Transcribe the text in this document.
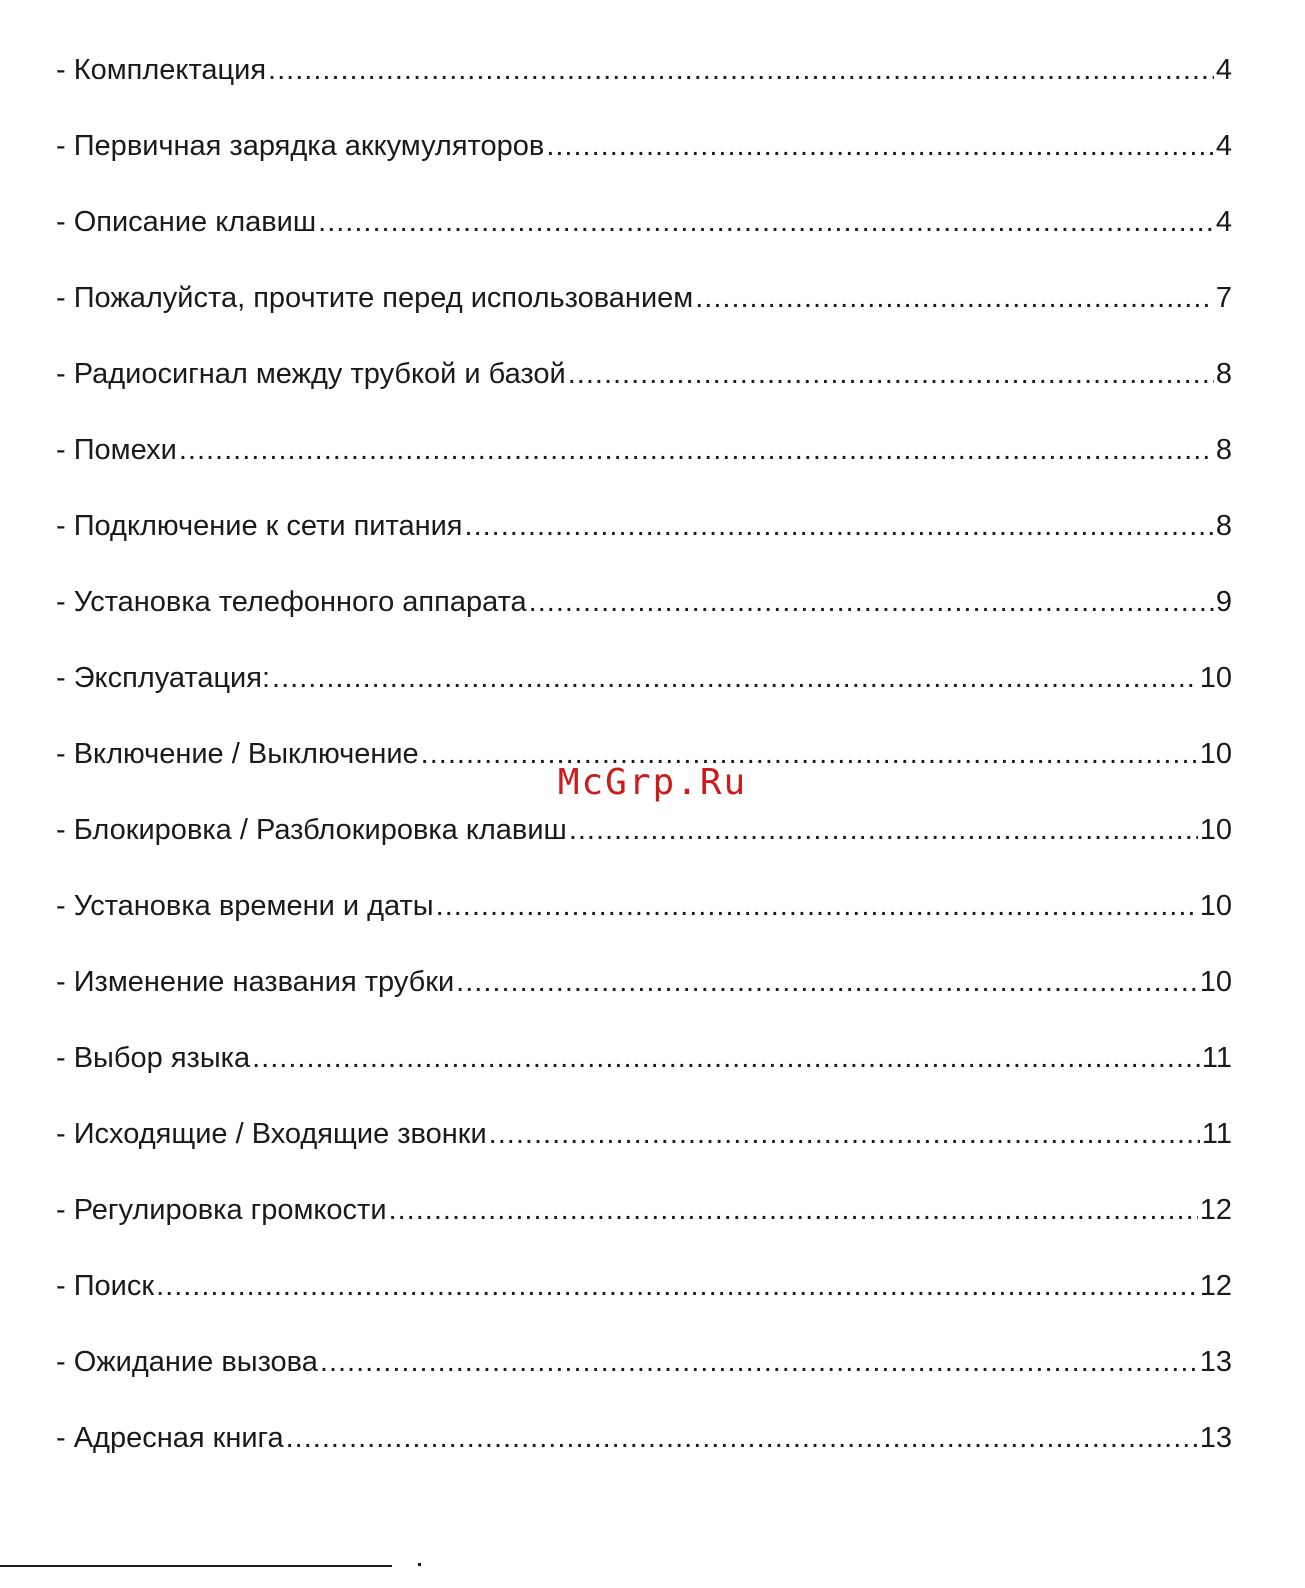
- Комплектация .....	4
- Первичная зарядка аккумуляторов .....	4
- Описание клавиш .....	4
- Пожалуйста, прочтите перед использованием .....	7
- Радиосигнал между трубкой и базой .....	8
- Помехи .....	8
- Подключение к сети питания .....	8
- Установка телефонного аппарата .....	9
- Эксплуатация: .....	10
- Включение / Выключение .....	10
- Блокировка / Разблокировка клавиш .....	10
- Установка времени и даты .....	10
- Изменение названия трубки .....	10
- Выбор языка .....	11
- Исходящие / Входящие звонки .....	11
- Регулировка громкости .....	12
- Поиск .....	12
- Ожидание вызова .....	13
- Адресная книга .....	13
McGrp.Ru
